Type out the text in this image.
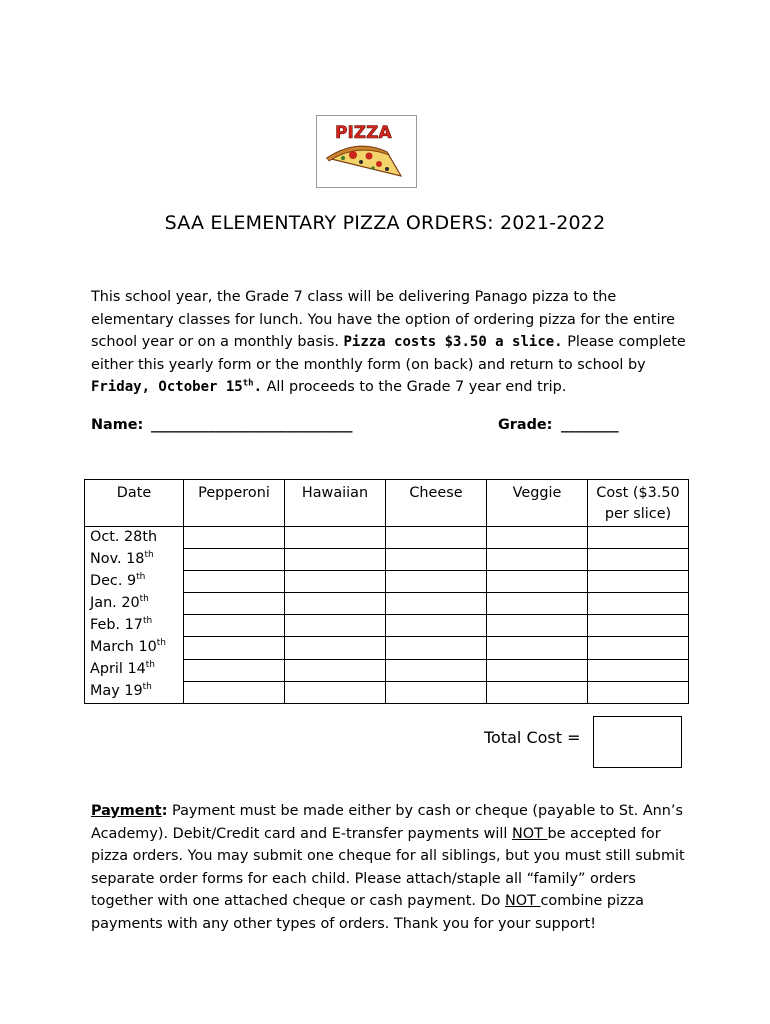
PIZZA
SAA ELEMENTARY PIZZA ORDERS: 2021-2022
This school year, the Grade 7 class will be delivering Panago pizza to the elementary classes for lunch. You have the option of ordering pizza for the entire school year or on a monthly basis. Pizza costs $3.50 a slice. Please complete either this yearly form or the monthly form (on back) and return to school by Friday, October 15th. All proceeds to the Grade 7 year end trip.
Name: ____________________________	Grade: ________
Date	Pepperoni	Hawaiian	Cheese	Veggie	Cost ($3.50 per slice)
Oct. 28th					
Nov. 18th					
Dec. 9th					
Jan. 20th					
Feb. 17th					
March 10th					
April 14th					
May 19th					
Total Cost =
Payment: Payment must be made either by cash or cheque (payable to St. Ann’s Academy). Debit/Credit card and E-transfer payments will NOT be accepted for pizza orders. You may submit one cheque for all siblings, but you must still submit separate order forms for each child. Please attach/staple all “family” orders together with one attached cheque or cash payment. Do NOT combine pizza payments with any other types of orders. Thank you for your support!
